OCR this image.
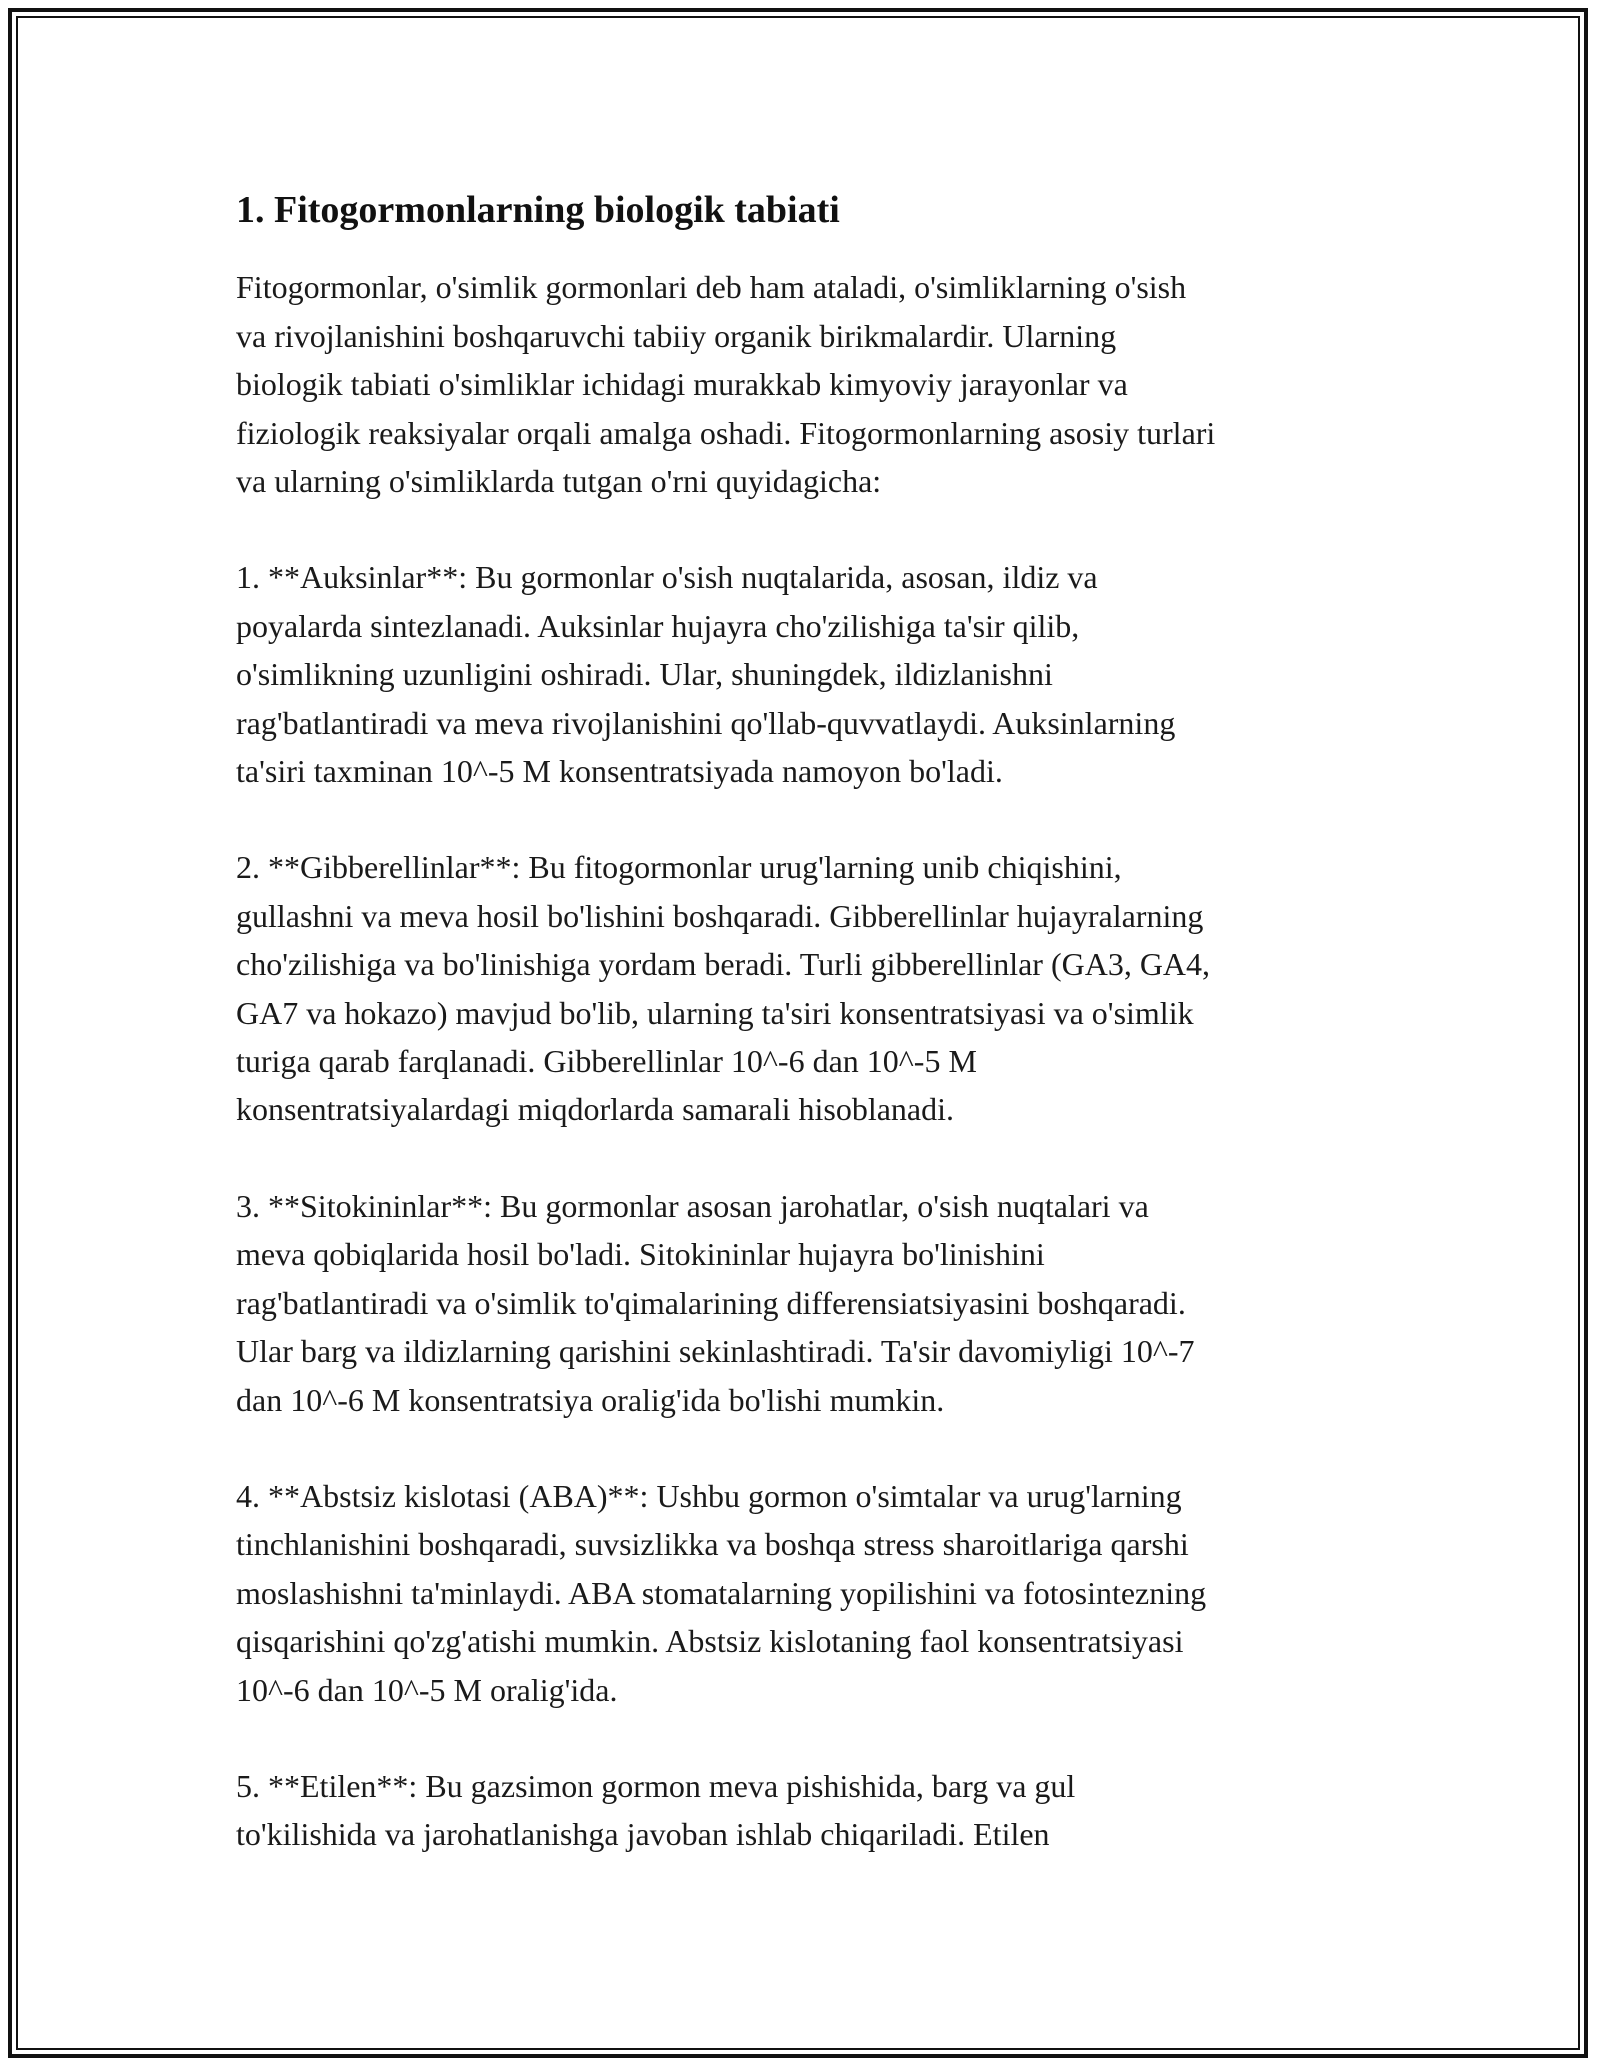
1. Fitogormonlarning biologik tabiati

Fitogormonlar, o'simlik gormonlari deb ham ataladi, o'simliklarning o'sish
va rivojlanishini boshqaruvchi tabiiy organik birikmalardir. Ularning
biologik tabiati o'simliklar ichidagi murakkab kimyoviy jarayonlar va
fiziologik reaksiyalar orqali amalga oshadi. Fitogormonlarning asosiy turlari
va ularning o'simliklarda tutgan o'rni quyidagicha:

1. **Auksinlar**: Bu gormonlar o'sish nuqtalarida, asosan, ildiz va
poyalarda sintezlanadi. Auksinlar hujayra cho'zilishiga ta'sir qilib,
o'simlikning uzunligini oshiradi. Ular, shuningdek, ildizlanishni
rag'batlantiradi va meva rivojlanishini qo'llab-quvvatlaydi. Auksinlarning
ta'siri taxminan 10^-5 M konsentratsiyada namoyon bo'ladi.

2. **Gibberellinlar**: Bu fitogormonlar urug'larning unib chiqishini,
gullashni va meva hosil bo'lishini boshqaradi. Gibberellinlar hujayralarning
cho'zilishiga va bo'linishiga yordam beradi. Turli gibberellinlar (GA3, GA4,
GA7 va hokazo) mavjud bo'lib, ularning ta'siri konsentratsiyasi va o'simlik
turiga qarab farqlanadi. Gibberellinlar 10^-6 dan 10^-5 M
konsentratsiyalardagi miqdorlarda samarali hisoblanadi.

3. **Sitokininlar**: Bu gormonlar asosan jarohatlar, o'sish nuqtalari va
meva qobiqlarida hosil bo'ladi. Sitokininlar hujayra bo'linishini
rag'batlantiradi va o'simlik to'qimalarining differensiatsiyasini boshqaradi.
Ular barg va ildizlarning qarishini sekinlashtiradi. Ta'sir davomiyligi 10^-7
dan 10^-6 M konsentratsiya oralig'ida bo'lishi mumkin.

4. **Abstsiz kislotasi (ABA)**: Ushbu gormon o'simtalar va urug'larning
tinchlanishini boshqaradi, suvsizlikka va boshqa stress sharoitlariga qarshi
moslashishni ta'minlaydi. ABA stomatalarning yopilishini va fotosintezning
qisqarishini qo'zg'atishi mumkin. Abstsiz kislotaning faol konsentratsiyasi
10^-6 dan 10^-5 M oralig'ida.

5. **Etilen**: Bu gazsimon gormon meva pishishida, barg va gul
to'kilishida va jarohatlanishga javoban ishlab chiqariladi. Etilen
